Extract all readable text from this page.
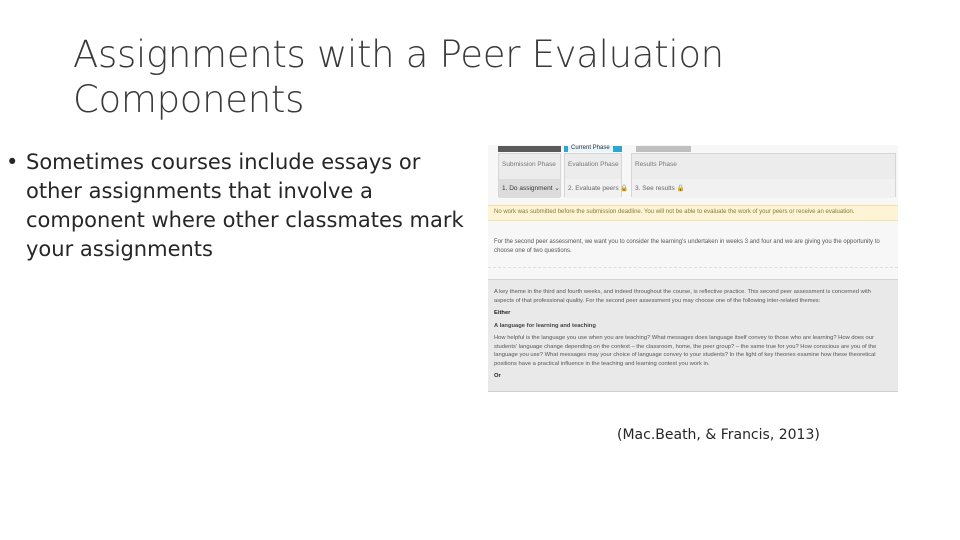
Assignments with a Peer Evaluation Components
• Sometimes courses include essays or other assignments that involve a component where other classmates mark your assignments
Current Phase
Submission Phase
1. Do assignment ⌄
Evaluation Phase
2. Evaluate peers 🔒
Results Phase
3. See results 🔒
No work was submitted before the submission deadline. You will not be able to evaluate the work of your peers or receive an evaluation.
For the second peer assessment, we want you to consider the learning's undertaken in weeks 3 and four and we are giving you the opportunity to choose one of two questions.

A key theme in the third and fourth weeks, and indeed throughout the course, is reflective practice. This second peer assessment is concerned with aspects of that professional quality. For the second peer assessment you may choose one of the following inter-related themes:

Either

A language for learning and teaching

How helpful is the language you use when you are teaching? What messages does language itself convey to those who are learning? How does our students' language change depending on the context – the classroom, home, the peer group? – the same true for you? How conscious are you of the language you use? What messages may your choice of language convey to your students? In the light of key theories examine how these theoretical positions have a practical influence in the teaching and learning context you work in.

Or

(Mac.Beath, & Francis, 2013)
